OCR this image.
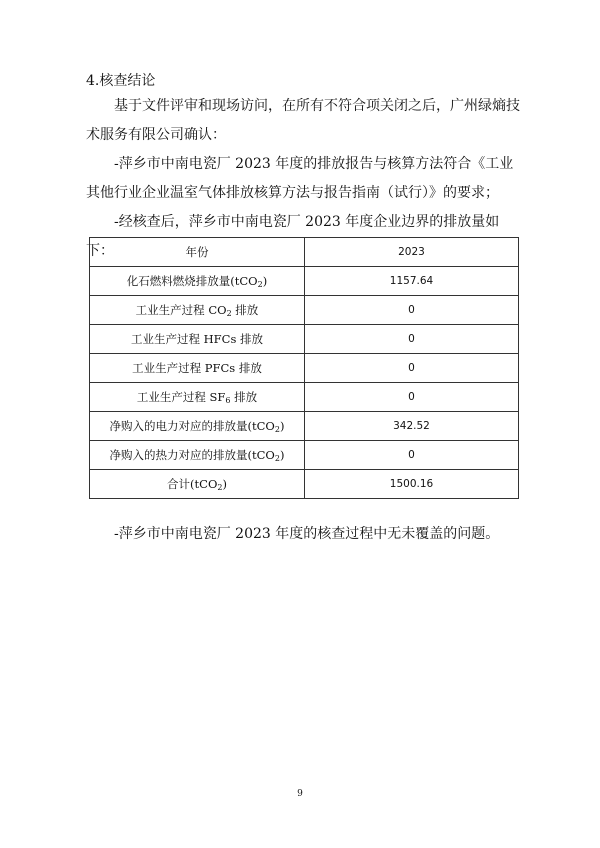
4.核查结论
基于文件评审和现场访问，在所有不符合项关闭之后，广州绿熵技术服务有限公司确认：
-萍乡市中南电瓷厂 2023 年度的排放报告与核算方法符合《工业其他行业企业温室气体排放核算方法与报告指南（试行）》的要求；
-经核查后，萍乡市中南电瓷厂 2023 年度企业边界的排放量如下：	年份	2023
化石燃料燃烧排放量(tCO$_2$)	1157.64
工业生产过程 $CO_2$ 排放	0
工业生产过程 HFCs 排放	0
工业生产过程 PFCs 排放	0
工业生产过程 $SF_6$ 排放	0
净购入的电力对应的排放量(tCO$_2$)	342.52
净购入的热力对应的排放量(tCO$_2$)	0
合计(tCO$_2$)	1500.16
-萍乡市中南电瓷厂 2023 年度的核查过程中无未覆盖的问题。
9
